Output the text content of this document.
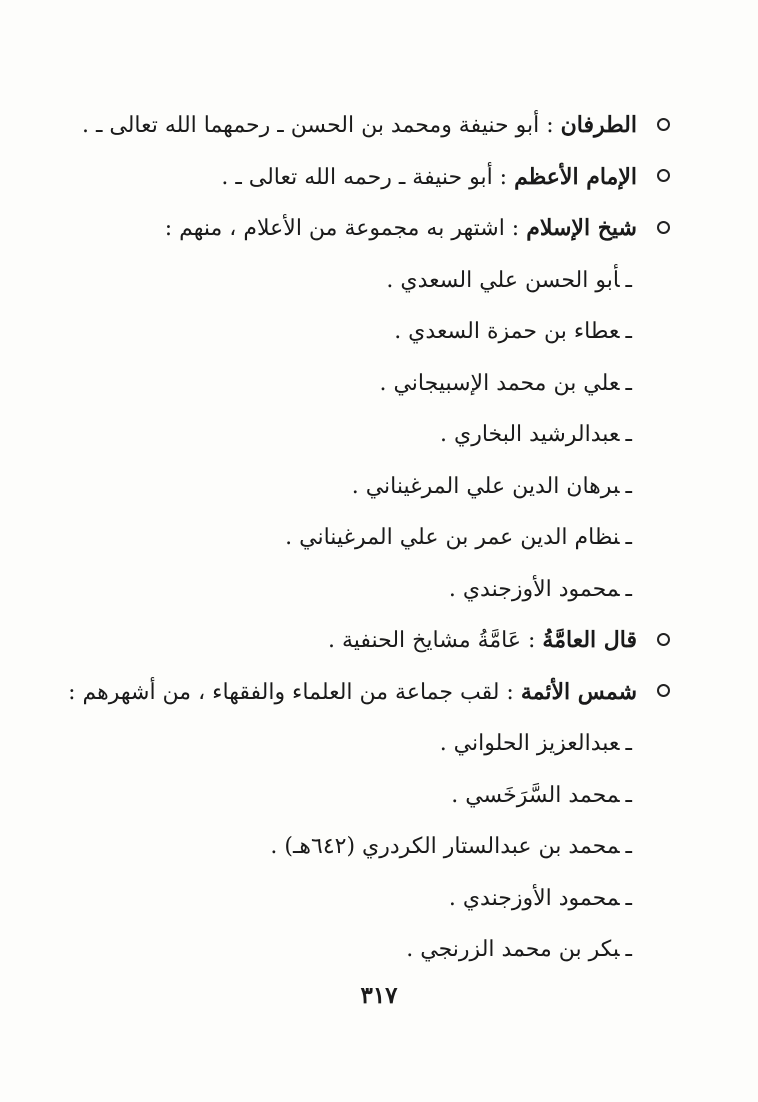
الطرفان : أبو حنيفة ومحمد بن الحسن ـ رحمهما الله تعالى ـ .
الإمام الأعظم : أبو حنيفة ـ رحمه الله تعالى ـ .
شيخ الإسلام : اشتهر به مجموعة من الأعلام ، منهم :
ـأبو الحسن علي السعدي .
ـعطاء بن حمزة السعدي .
ـعلي بن محمد الإسبيجاني .
ـعبدالرشيد البخاري .
ـبرهان الدين علي المرغيناني .
ـنظام الدين عمر بن علي المرغيناني .
ـمحمود الأوزجندي .
قال العامَّةُ : عَامَّةُ مشايخ الحنفية .
شمس الأئمة : لقب جماعة من العلماء والفقهاء ، من أشهرهم :
ـعبدالعزيز الحلواني .
ـمحمد السَّرَخَسي .
ـمحمد بن عبدالستار الكردري (٦٤٢هـ) .
ـمحمود الأوزجندي .
ـبكر بن محمد الزرنجي .
٣١٧
